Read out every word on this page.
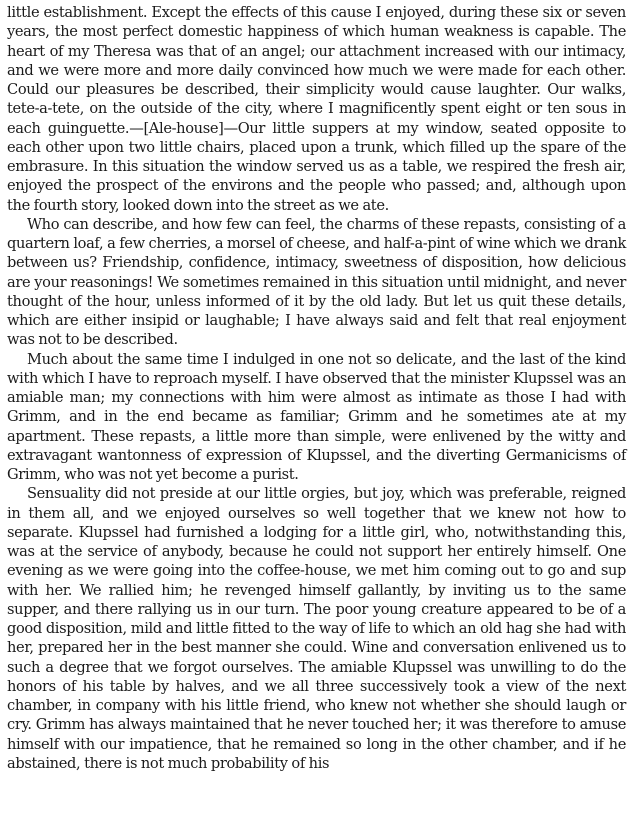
little establishment. Except the effects of this cause I enjoyed, during these six or seven years, the most perfect domestic happiness of which human weakness is capable. The heart of my Theresa was that of an angel; our attachment increased with our intimacy, and we were more and more daily convinced how much we were made for each other. Could our pleasures be described, their simplicity would cause laughter. Our walks, tete-a-tete, on the outside of the city, where I magnificently spent eight or ten sous in each guinguette.—[Ale-house]—Our little suppers at my window, seated opposite to each other upon two little chairs, placed upon a trunk, which filled up the spare of the embrasure. In this situation the window served us as a table, we respired the fresh air, enjoyed the prospect of the environs and the people who passed; and, although upon the fourth story, looked down into the street as we ate.

Who can describe, and how few can feel, the charms of these repasts, consisting of a quartern loaf, a few cherries, a morsel of cheese, and half-a-pint of wine which we drank between us? Friendship, confidence, intimacy, sweetness of disposition, how delicious are your reasonings! We sometimes remained in this situation until midnight, and never thought of the hour, unless informed of it by the old lady. But let us quit these details, which are either insipid or laughable; I have always said and felt that real enjoyment was not to be described.

Much about the same time I indulged in one not so delicate, and the last of the kind with which I have to reproach myself. I have observed that the minister Klupssel was an amiable man; my connections with him were almost as intimate as those I had with Grimm, and in the end became as familiar; Grimm and he sometimes ate at my apartment. These repasts, a little more than simple, were enlivened by the witty and extravagant wantonness of expression of Klupssel, and the diverting Germanicisms of Grimm, who was not yet become a purist.

Sensuality did not preside at our little orgies, but joy, which was preferable, reigned in them all, and we enjoyed ourselves so well together that we knew not how to separate. Klupssel had furnished a lodging for a little girl, who, notwithstanding this, was at the service of anybody, because he could not support her entirely himself. One evening as we were going into the coffee-house, we met him coming out to go and sup with her. We rallied him; he revenged himself gallantly, by inviting us to the same supper, and there rallying us in our turn. The poor young creature appeared to be of a good disposition, mild and little fitted to the way of life to which an old hag she had with her, prepared her in the best manner she could. Wine and conversation enlivened us to such a degree that we forgot ourselves. The amiable Klupssel was unwilling to do the honors of his table by halves, and we all three successively took a view of the next chamber, in company with his little friend, who knew not whether she should laugh or cry. Grimm has always maintained that he never touched her; it was therefore to amuse himself with our impatience, that he remained so long in the other chamber, and if he abstained, there is not much probability of his
